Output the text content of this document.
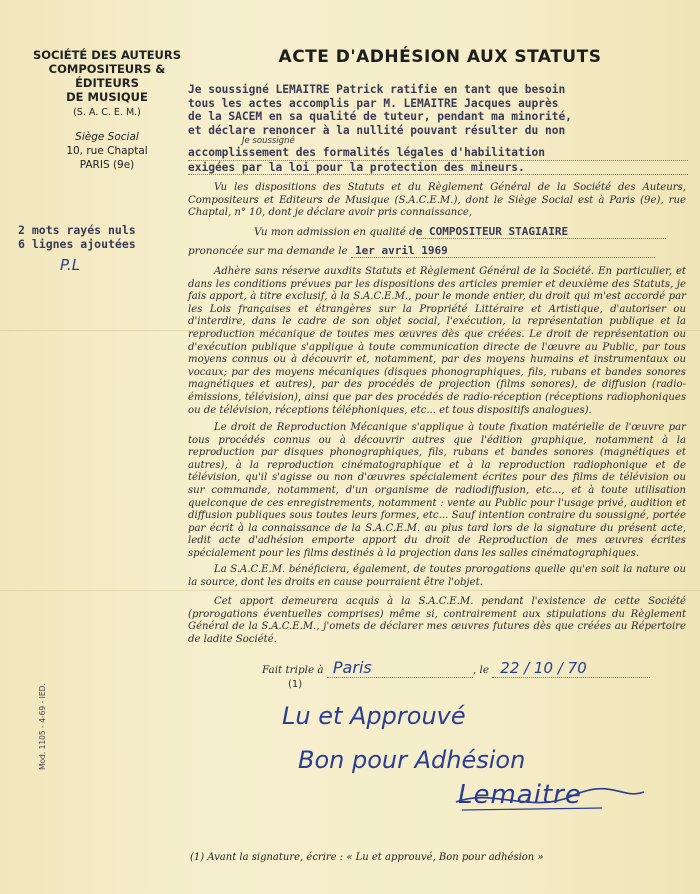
SOCIÉTÉ DES AUTEURS
COMPOSITEURS & ÉDITEURS
DE MUSIQUE
(S. A. C. E. M.)
Siège Social
10, rue Chaptal
PARIS (9e)
ACTE D'ADHÉSION AUX STATUTS
Je soussigné LEMAITRE Patrick ratifie en tant que besoin
tous les actes accomplis par M. LEMAITRE Jacques auprès
de la SACEM en sa qualité de tuteur, pendant ma minorité,
et déclare renoncer à la nullité pouvant résulter du non
Je soussigné
accomplissement des formalités légales d'habilitation
exigées par la loi pour la protection des mineurs.
2 mots rayés nuls
6 lignes ajoutées
P.L
Vu les dispositions des Statuts et du Règlement Général de la Société des Auteurs, Compositeurs et Editeurs de Musique (S.A.C.E.M.), dont le Siège Social est à Paris (9e), rue Chaptal, n° 10, dont je déclare avoir pris connaissance,
Vu mon admission en qualité de COMPOSITEUR STAGIAIRE
prononcée sur ma demande le 1er avril 1969
Adhère sans réserve auxdits Statuts et Règlement Général de la Société. En particulier, et dans les conditions prévues par les dispositions des articles premier et deuxième des Statuts, je fais apport, à titre exclusif, à la S.A.C.E.M., pour le monde entier, du droit qui m'est accordé par les Lois françaises et étrangères sur la Propriété Littéraire et Artistique, d'autoriser ou d'interdire, dans le cadre de son objet social, l'exécution, la représentation publique et la reproduction mécanique de toutes mes œuvres dès que créées. Le droit de représentation ou d'exécution publique s'applique à toute communication directe de l'œuvre au Public, par tous moyens connus ou à découvrir et, notamment, par des moyens humains et instrumentaux ou vocaux; par des moyens mécaniques (disques phonographiques, fils, rubans et bandes sonores magnétiques et autres), par des procédés de projection (films sonores), de diffusion (radio-émissions, télévision), ainsi que par des procédés de radio-réception (réceptions radiophoniques ou de télévision, réceptions téléphoniques, etc... et tous dispositifs analogues).
Le droit de Reproduction Mécanique s'applique à toute fixation matérielle de l'œuvre par tous procédés connus ou à découvrir autres que l'édition graphique, notamment à la reproduction par disques phonographiques, fils, rubans et bandes sonores (magnétiques et autres), à la reproduction cinématographique et à la reproduction radiophonique et de télévision, qu'il s'agisse ou non d'œuvres spécialement écrites pour des films de télévision ou sur commande, notamment, d'un organisme de radiodiffusion, etc..., et à toute utilisation quelconque de ces enregistrements, notamment : vente au Public pour l'usage privé, audition et diffusion publiques sous toutes leurs formes, etc... Sauf intention contraire du soussigné, portée par écrit à la connaissance de la S.A.C.E.M. au plus tard lors de la signature du présent acte, ledit acte d'adhésion emporte apport du droit de Reproduction de mes œuvres écrites spécialement pour les films destinés à la projection dans les salles cinématographiques.
La S.A.C.E.M. bénéficiera, également, de toutes prorogations quelle qu'en soit la nature ou la source, dont les droits en cause pourraient être l'objet.
Cet apport demeurera acquis à la S.A.C.E.M. pendant l'existence de cette Société (prorogations éventuelles comprises) même si, contrairement aux stipulations du Règlement Général de la S.A.C.E.M., j'omets de déclarer mes œuvres futures dès que créées au Répertoire de ladite Société.
Fait triple à Paris	, le 22 / 10 / 70
(1)
Lu et Approuvé
Bon pour Adhésion
Lemaitre
Mod. 1105 - 4-69 - IED.
(1) Avant la signature, écrire : « Lu et approuvé, Bon pour adhésion »
